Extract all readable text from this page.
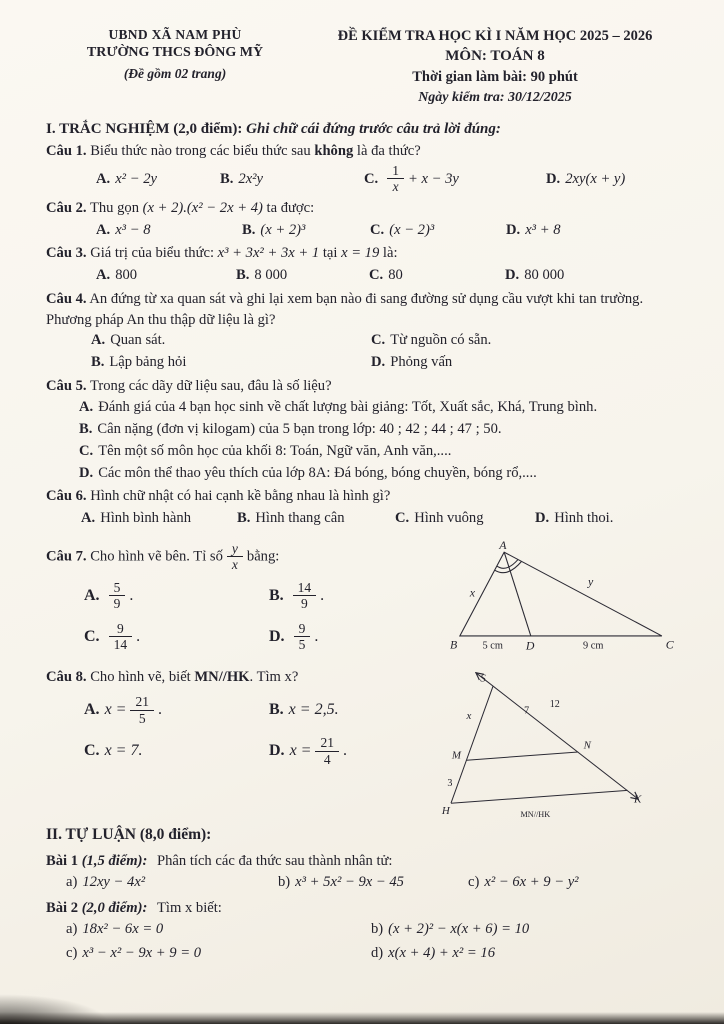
UBND XÃ NAM PHÙ
TRƯỜNG THCS ĐÔNG MỸ
(Đề gồm 02 trang)
ĐỀ KIỂM TRA HỌC KÌ I NĂM HỌC 2025 – 2026
MÔN: TOÁN 8
Thời gian làm bài: 90 phút
Ngày kiểm tra: 30/12/2025
I. TRẮC NGHIỆM (2,0 điểm): Ghi chữ cái đứng trước câu trả lời đúng:
Câu 1. Biểu thức nào trong các biểu thức sau không là đa thức?
A. x² − 2y	B. 2x²y	C. $\frac{1}{x} + x - 3y$	D. 2xy(x + y)
Câu 2. Thu gọn (x + 2).(x² − 2x + 4) ta được:
A. x³ − 8	B. (x + 2)³	C. (x − 2)³	D. x³ + 8
Câu 3. Giá trị của biểu thức: x³ + 3x² + 3x + 1 tại x = 19 là:
A. 800	B. 8 000	C. 80	D. 80 000
Câu 4. An đứng từ xa quan sát và ghi lại xem bạn nào đi sang đường sử dụng cầu vượt khi tan trường. Phương pháp An thu thập dữ liệu là gì?
A. Quan sát.	C. Từ nguồn có sẵn.
B. Lập bảng hỏi	D. Phỏng vấn
Câu 5. Trong các dãy dữ liệu sau, đâu là số liệu?
A. Đánh giá của 4 bạn học sinh về chất lượng bài giảng: Tốt, Xuất sắc, Khá, Trung bình.
B. Cân nặng (đơn vị kilogam) của 5 bạn trong lớp: 40 ; 42 ; 44 ; 47 ; 50.
C. Tên một số môn học của khối 8: Toán, Ngữ văn, Anh văn,....
D. Các môn thể thao yêu thích của lớp 8A: Đá bóng, bóng chuyền, bóng rổ,....
Câu 6. Hình chữ nhật có hai cạnh kề bằng nhau là hình gì?
A. Hình bình hành	B. Hình thang cân	C. Hình vuông	D. Hình thoi.
Câu 7. Cho hình vẽ bên. Tỉ số $\frac{y}{x}$ bằng:
A. $\frac{5}{9}$ .	B. $\frac{14}{9}$ .
C. $\frac{9}{14}$ .	D. $\frac{9}{5}$ .
A
B	D	C
x
y
5 cm	9 cm
Câu 8. Cho hình vẽ, biết MN//HK. Tìm x?
A. $x = \frac{21}{5}$ .	B. x = 2,5.
C. x = 7.	D. $x = \frac{21}{4}$ .
S
M
H
N
K
x	7
12
3
MN//HK
II. TỰ LUẬN (8,0 điểm):
Bài 1 (1,5 điểm): Phân tích các đa thức sau thành nhân tử:
a) 12xy − 4x²	b) x³ + 5x² − 9x − 45	c) x² − 6x + 9 − y²
Bài 2 (2,0 điểm): Tìm x biết:
a) 18x² − 6x = 0	b) (x + 2)² − x(x + 6) = 10
c) x³ − x² − 9x + 9 = 0	d) x(x + 4) + x² = 16
